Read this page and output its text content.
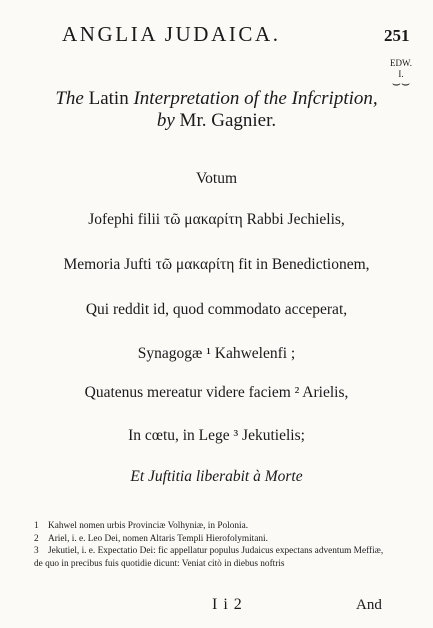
ANGLIA JUDAICA.	251
EDW.
I.
⌣⌣
The Latin Interpretation of the Infcription,
by Mr. Gagnier.
Votum
Jofephi filii τῶ μακαρίτη Rabbi Jechielis,
Memoria Jufti τῶ μακαρίτη fit in Benedictionem,
Qui reddit id, quod commodato acceperat,
Synagogæ ¹ Kahwelenfi ;
Quatenus mereatur videre faciem ² Arielis,
In cœtu, in Lege ³ Jekutielis;
Et Juftitia liberabit à Morte
1 Kahwel nomen urbis Provinciæ Volhyniæ, in Polonia.
2 Ariel, i. e. Leo Dei, nomen Altaris Templi Hierofolymitani.
3 Jekutiel, i. e. Expectatio Dei: fic appellatur populus Judaicus expectans adventum Meffiæ, de quo in precibus fuis quotidie dicunt: Veniat citò in diebus noftris
I i 2	And
